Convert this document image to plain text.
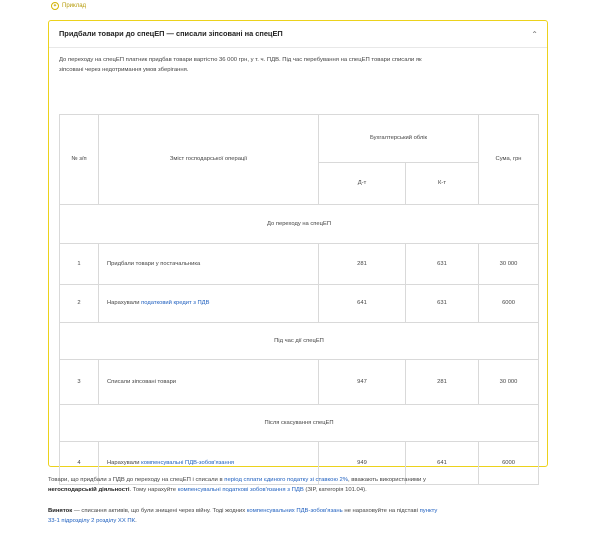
✦ Приклад
Придбали товари до спецЕП — списали зіпсовані на спецЕП	⌃
До переходу на спецЕП платник придбав товари вартістю 36 000 грн, у т. ч. ПДВ. Під час перебування на спецЕП товари списали як
зіпсовані через недотримання умов зберігання.
№ з/п	Зміст господарської операції	Бухгалтерський облік		Сума, грн
		Д-т	К-т	
До переходу на спецЕП				
1	Придбали товари у постачальника	281	631	30 000
2	Нарахували податковий кредит з ПДВ	641	631	6000
Під час дії спецЕП				
3	Списали зіпсовані товари	947	281	30 000
Після скасування спецЕП				
4	Нарахували компенсувальні ПДВ-зобов'язання	949	641	6000
Товари, що придбали з ПДВ до переходу на спецЕП і списали в період сплати єдиного податку зі ставкою 2%, вважають використаними у
негосподарській діяльності. Тому нарахуйте компенсувальні податкові зобов'язання з ПДВ (ЗІР, категорія 101.04).
Виняток — списання активів, що були знищені через війну. Тоді жодних компенсувальних ПДВ-зобов'язань не нараховуйте на підставі пункту
33-1 підрозділу 2 розділу XX ПК.
